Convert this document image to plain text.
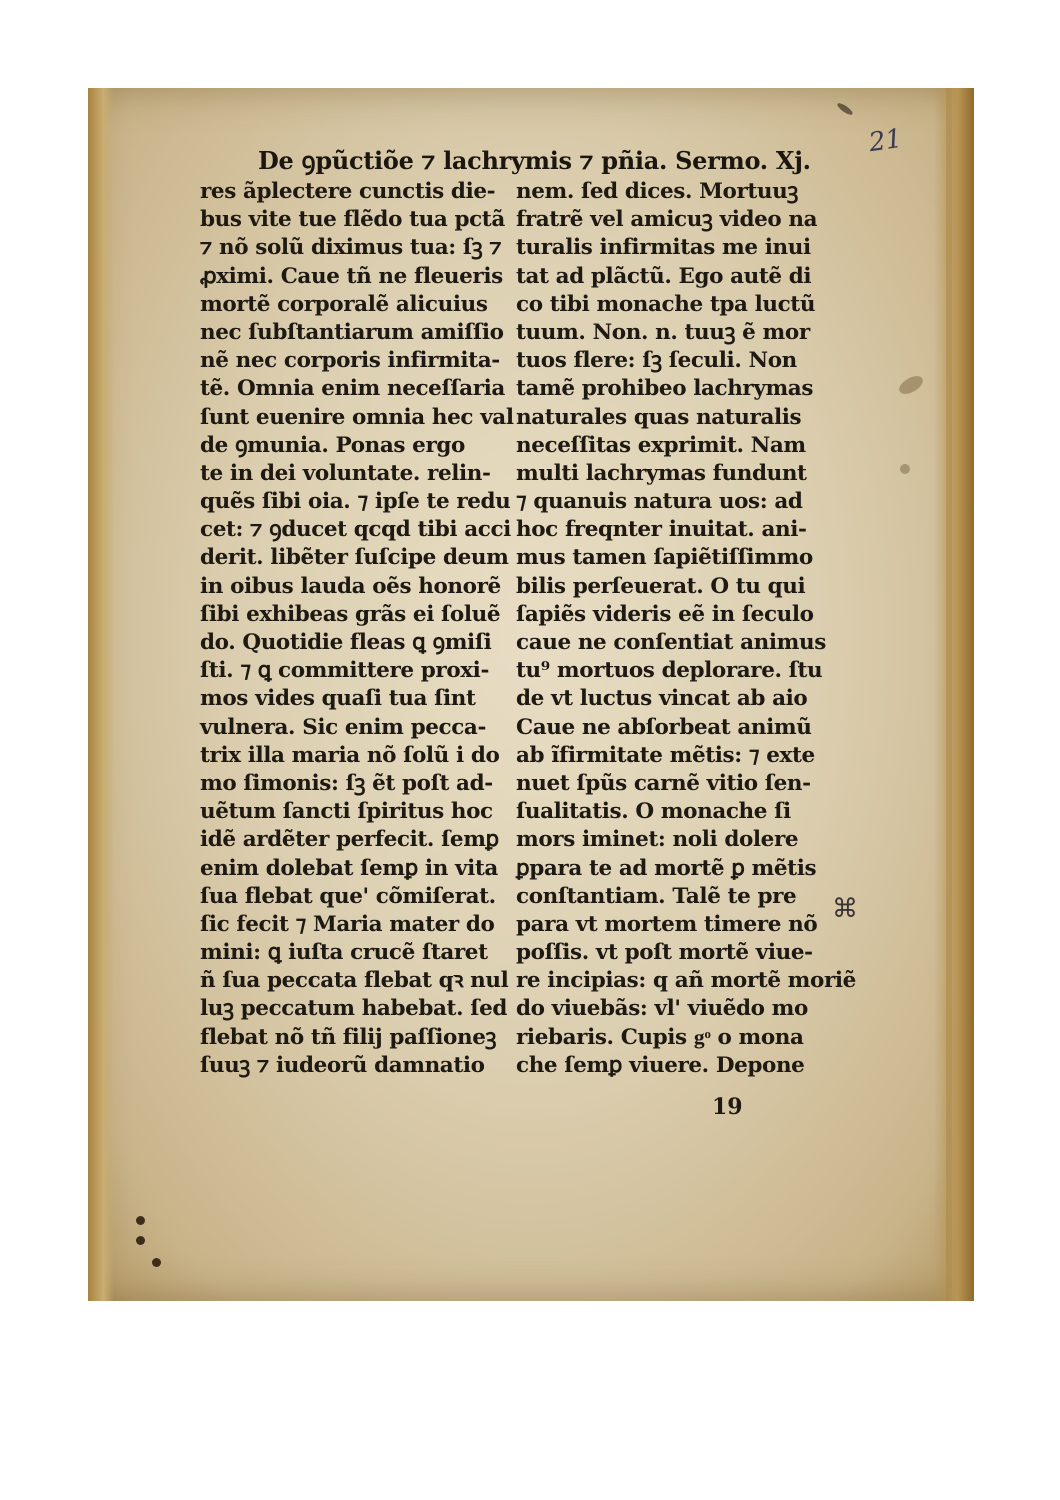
21
De ꝯpũctiõe ⁊ lachrymis ⁊ pñia. Sermo. Xj.
res ãplectere cunctis die-
bus vite tue flẽdo tua pctã
⁊ nõ solũ diximus tua: ſꝫ ⁊
ꝓximi. Caue tñ ne fleueris
mortẽ corporalẽ alicuius
nec ſubſtantiarum amiſſio
nẽ nec corporis infirmita-
tẽ. Omnia enim neceſſaria
ſunt euenire omnia hec val
de ꝯmunia. Ponas ergo
te in dei voluntate. relin-
quẽs ſibi oia. ⁊ ipſe te redu
cet: ⁊ ꝯducet qcqd tibi acci
derit. libẽter ſuſcipe deum
in oibus lauda oẽs honorẽ
ſibi exhibeas grãs ei ſoluẽ
do. Quotidie fleas ꝗ ꝯmiſi
ſti. ⁊ ꝗ committere proxi-
mos vides quaſi tua ſint
vulnera. Sic enim pecca-
trix illa maria nõ ſolũ i do
mo ſimonis: ſꝫ ẽt poſt ad-
uẽtum ſancti ſpiritus hoc
idẽ ardẽter perfecit. ſemꝑ
enim dolebat ſemꝑ in vita
ſua flebat que' cõmiſerat.
ſic fecit ⁊ Maria mater do
mini: ꝗ iuſta crucẽ ſtaret
ñ ſua peccata flebat qꝛ nul
luꝫ peccatum habebat. ſed
flebat nõ tñ filij paſſioneꝫ
ſuuꝫ ⁊ iudeorũ damnatio
nem. ſed dices. Mortuuꝫ
fratrẽ vel amicuꝫ video na
turalis infirmitas me inui
tat ad plãctũ. Ego autẽ di
co tibi monache tpa luctũ
tuum. Non. n. tuuꝫ ẽ mor
tuos flere: ſꝫ ſeculi. Non
tamẽ prohibeo lachrymas
naturales quas naturalis
neceſſitas exprimit. Nam
multi lachrymas fundunt
⁊ quanuis natura uos: ad
hoc freqnter inuitat. ani-
mus tamen ſapiẽtiſſimmo
bilis perſeuerat. O tu qui
ſapiẽs videris eẽ in ſeculo
caue ne conſentiat animus
tu⁹ mortuos deplorare. ſtu
de vt luctus vincat ab aio
Caue ne abſorbeat animũ
ab ĩfirmitate mẽtis: ⁊ exte
nuet ſpũs carnẽ vitio ſen-
ſualitatis. O monache ſi
mors iminet: noli dolere
ꝑpara te ad mortẽ ꝑ mẽtis
conſtantiam. Talẽ te pre
para vt mortem timere nõ
poſſis. vt poſt mortẽ viue-
re incipias: q añ mortẽ moriẽ
do viuebãs: vl' viuẽdo mo
riebaris. Cupis gͦ o mona
che ſemꝑ viuere. Depone
19
⌘
